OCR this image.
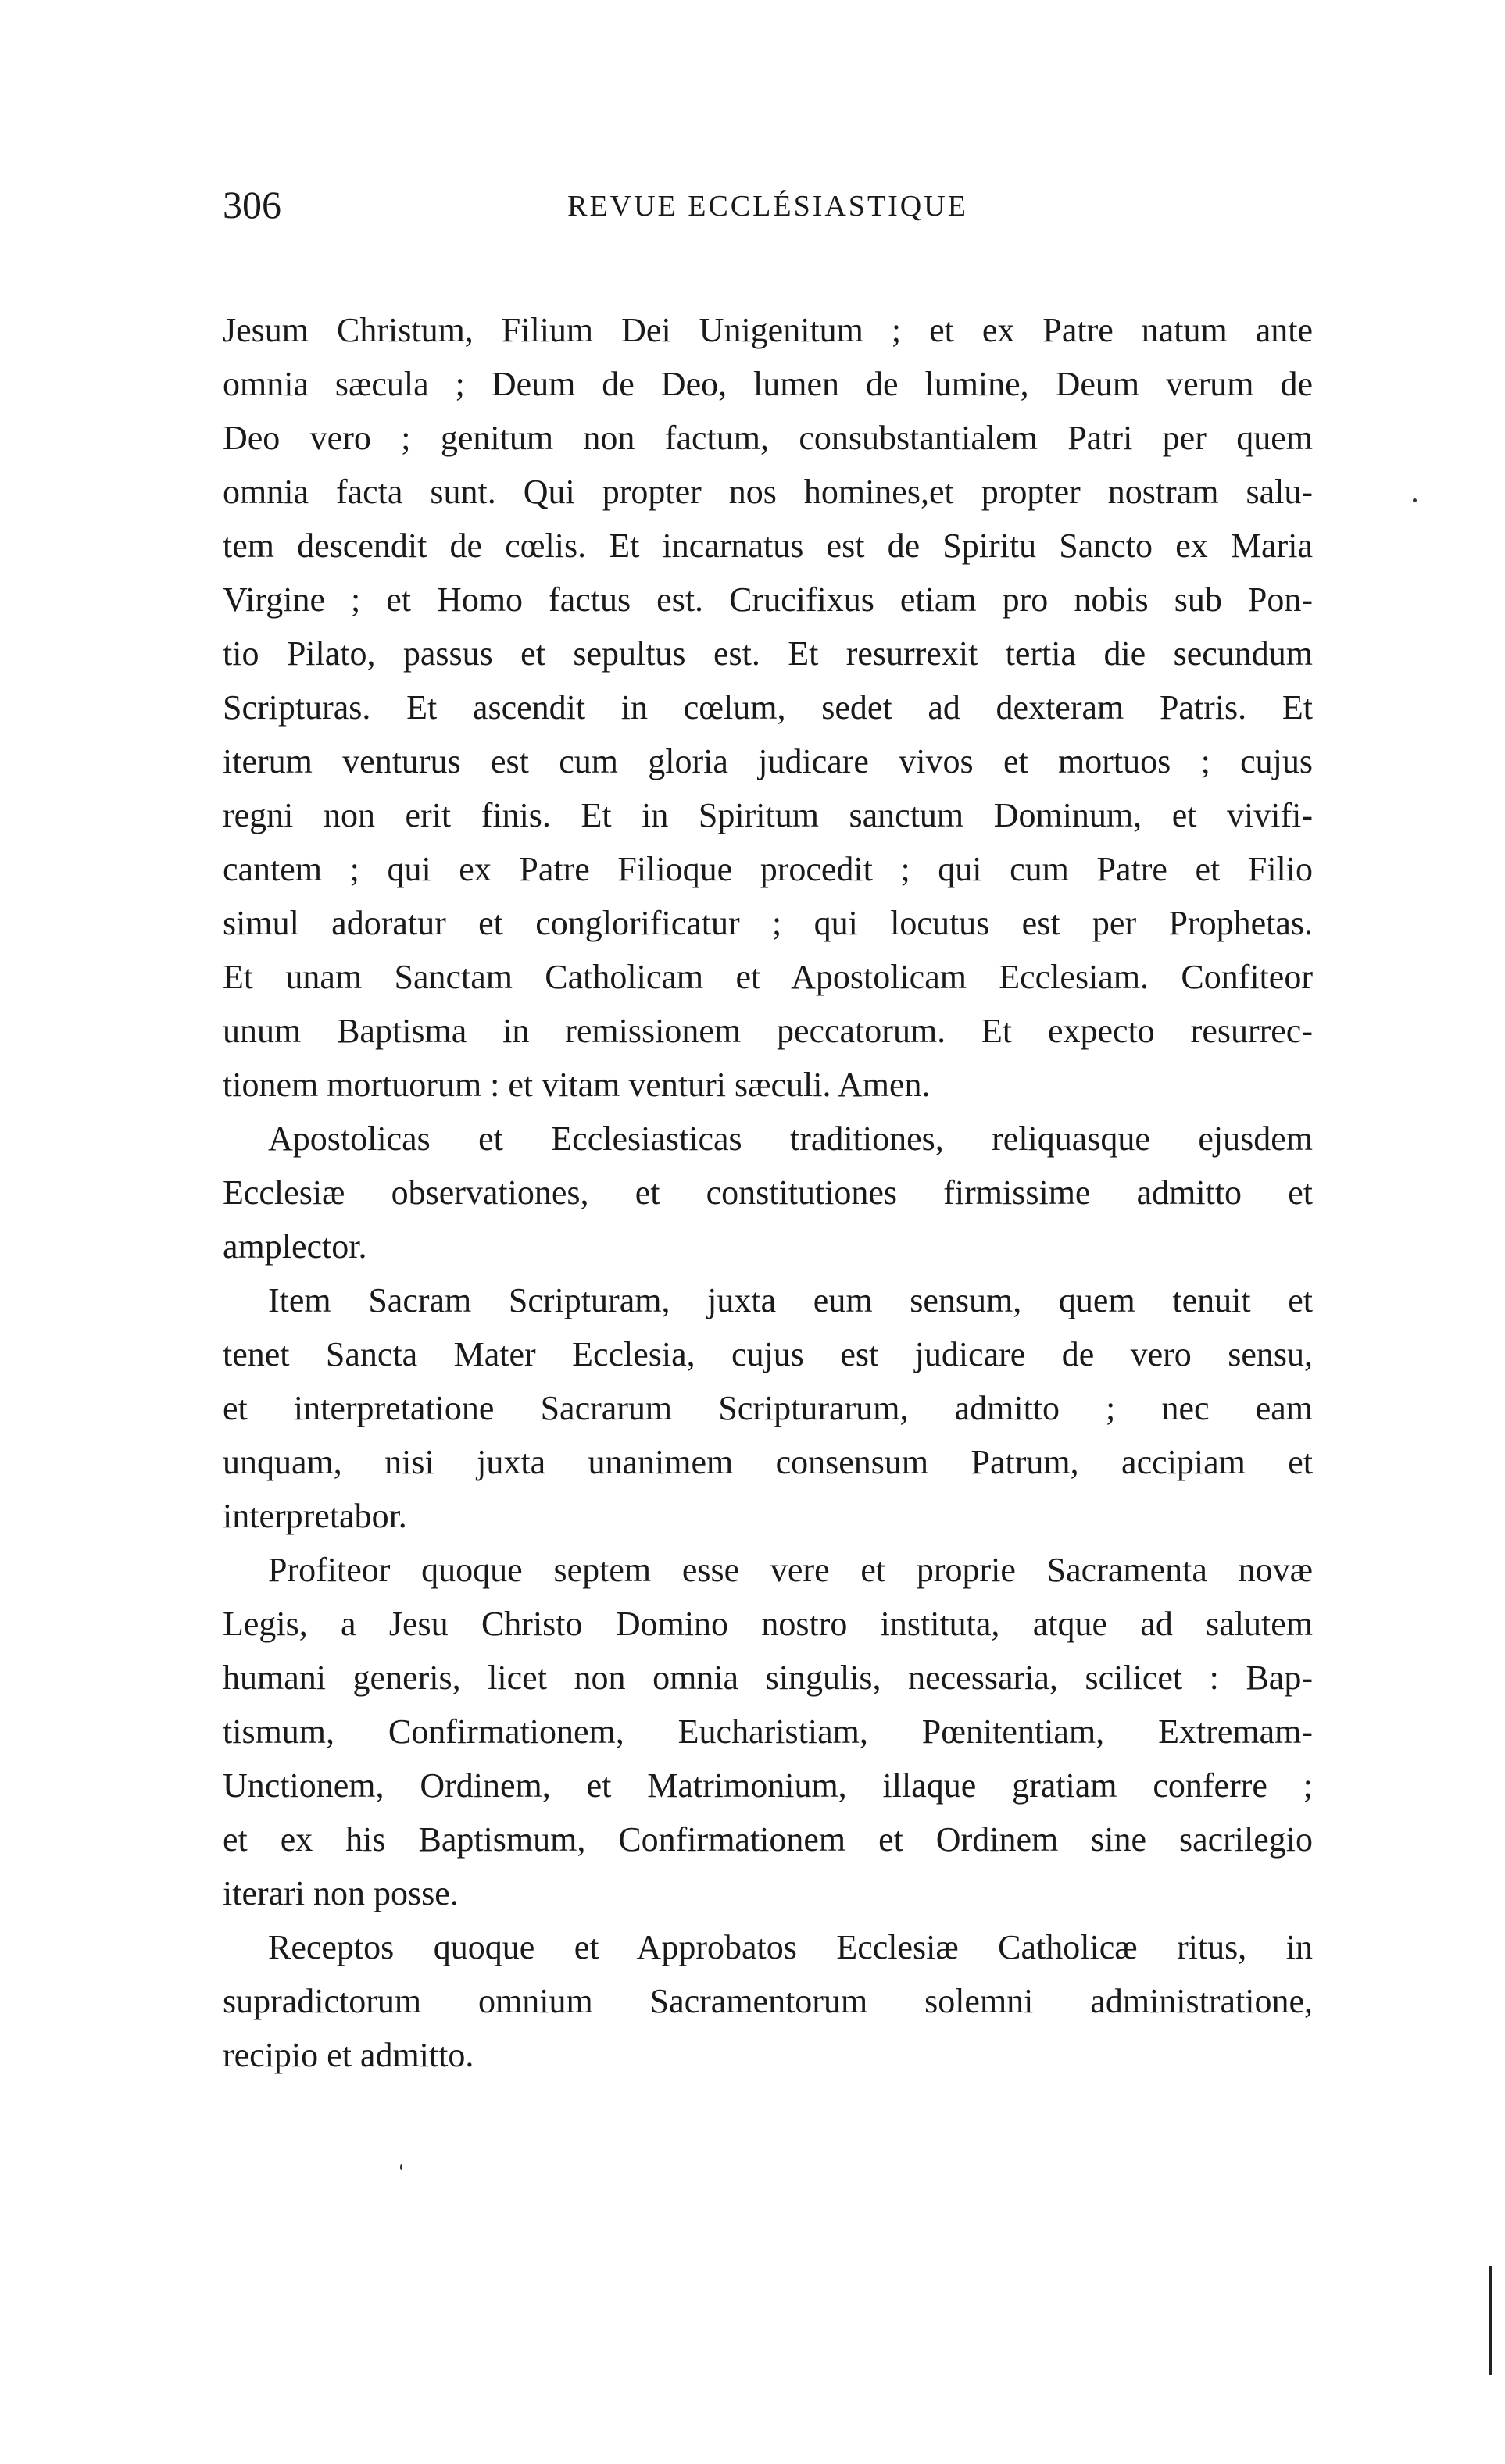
306	REVUE ECCLÉSIASTIQUE
Jesum Christum, Filium Dei Unigenitum ; et ex Patre natum ante
omnia sæcula ; Deum de Deo, lumen de lumine, Deum verum de
Deo vero ; genitum non factum, consubstantialem Patri per quem
omnia facta sunt. Qui propter nos homines,et propter nostram salu-
tem descendit de cœlis. Et incarnatus est de Spiritu Sancto ex Maria
Virgine ; et Homo factus est. Crucifixus etiam pro nobis sub Pon-
tio Pilato, passus et sepultus est. Et resurrexit tertia die secundum
Scripturas. Et ascendit in cœlum, sedet ad dexteram Patris. Et
iterum venturus est cum gloria judicare vivos et mortuos ; cujus
regni non erit finis. Et in Spiritum sanctum Dominum, et vivifi-
cantem ; qui ex Patre Filioque procedit ; qui cum Patre et Filio
simul adoratur et conglorificatur ; qui locutus est per Prophetas.
Et unam Sanctam Catholicam et Apostolicam Ecclesiam. Confiteor
unum Baptisma in remissionem peccatorum. Et expecto resurrec-
tionem mortuorum : et vitam venturi sæculi. Amen.
Apostolicas et Ecclesiasticas traditiones, reliquasque ejusdem
Ecclesiæ observationes, et constitutiones firmissime admitto et
amplector.
Item Sacram Scripturam, juxta eum sensum, quem tenuit et
tenet Sancta Mater Ecclesia, cujus est judicare de vero sensu,
et interpretatione Sacrarum Scripturarum, admitto ; nec eam
unquam, nisi juxta unanimem consensum Patrum, accipiam et
interpretabor.
Profiteor quoque septem esse vere et proprie Sacramenta novæ
Legis, a Jesu Christo Domino nostro instituta, atque ad salutem
humani generis, licet non omnia singulis, necessaria, scilicet : Bap-
tismum, Confirmationem, Eucharistiam, Pœnitentiam, Extremam-
Unctionem, Ordinem, et Matrimonium, illaque gratiam conferre ;
et ex his Baptismum, Confirmationem et Ordinem sine sacrilegio
iterari non posse.
Receptos quoque et Approbatos Ecclesiæ Catholicæ ritus, in
supradictorum omnium Sacramentorum solemni administratione,
recipio et admitto.
